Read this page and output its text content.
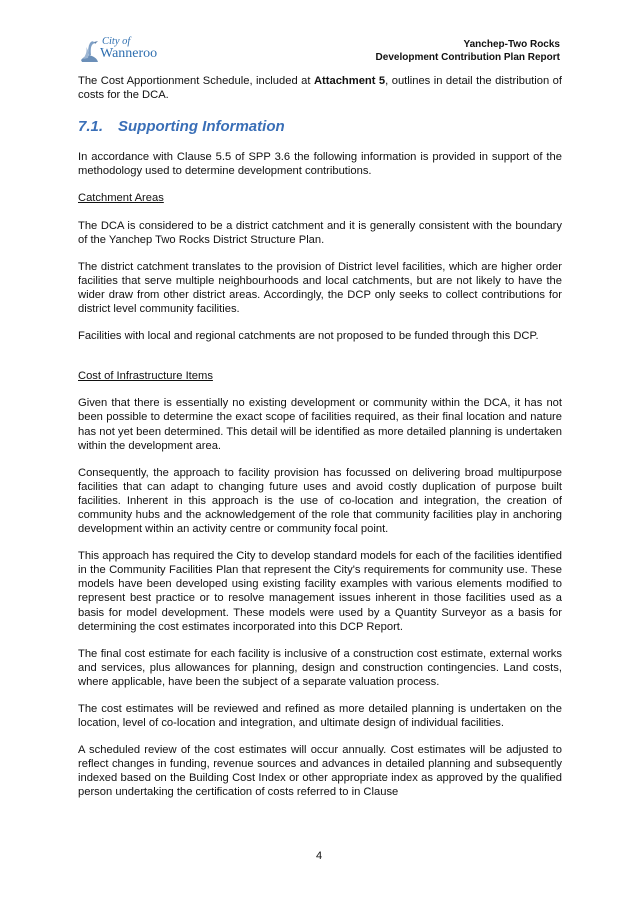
City of
Wanneroo
Yanchep-Two Rocks
Development Contribution Plan Report

The Cost Apportionment Schedule, included at Attachment 5, outlines in detail the distribution of costs for the DCA.

7.1. Supporting Information

In accordance with Clause 5.5 of SPP 3.6 the following information is provided in support of the methodology used to determine development contributions.

Catchment Areas

The DCA is considered to be a district catchment and it is generally consistent with the boundary of the Yanchep Two Rocks District Structure Plan.

The district catchment translates to the provision of District level facilities, which are higher order facilities that serve multiple neighbourhoods and local catchments, but are not likely to have the wider draw from other district areas. Accordingly, the DCP only seeks to collect contributions for district level community facilities.

Facilities with local and regional catchments are not proposed to be funded through this DCP.

Cost of Infrastructure Items

Given that there is essentially no existing development or community within the DCA, it has not been possible to determine the exact scope of facilities required, as their final location and nature has not yet been determined. This detail will be identified as more detailed planning is undertaken within the development area.

Consequently, the approach to facility provision has focussed on delivering broad multipurpose facilities that can adapt to changing future uses and avoid costly duplication of purpose built facilities. Inherent in this approach is the use of co-location and integration, the creation of community hubs and the acknowledgement of the role that community facilities play in anchoring development within an activity centre or community focal point.

This approach has required the City to develop standard models for each of the facilities identified in the Community Facilities Plan that represent the City's requirements for community use. These models have been developed using existing facility examples with various elements modified to represent best practice or to resolve management issues inherent in those facilities used as a basis for model development. These models were used by a Quantity Surveyor as a basis for determining the cost estimates incorporated into this DCP Report.

The final cost estimate for each facility is inclusive of a construction cost estimate, external works and services, plus allowances for planning, design and construction contingencies. Land costs, where applicable, have been the subject of a separate valuation process.

The cost estimates will be reviewed and refined as more detailed planning is undertaken on the location, level of co-location and integration, and ultimate design of individual facilities.

A scheduled review of the cost estimates will occur annually. Cost estimates will be adjusted to reflect changes in funding, revenue sources and advances in detailed planning and subsequently indexed based on the Building Cost Index or other appropriate index as approved by the qualified person undertaking the certification of costs referred to in Clause

4
